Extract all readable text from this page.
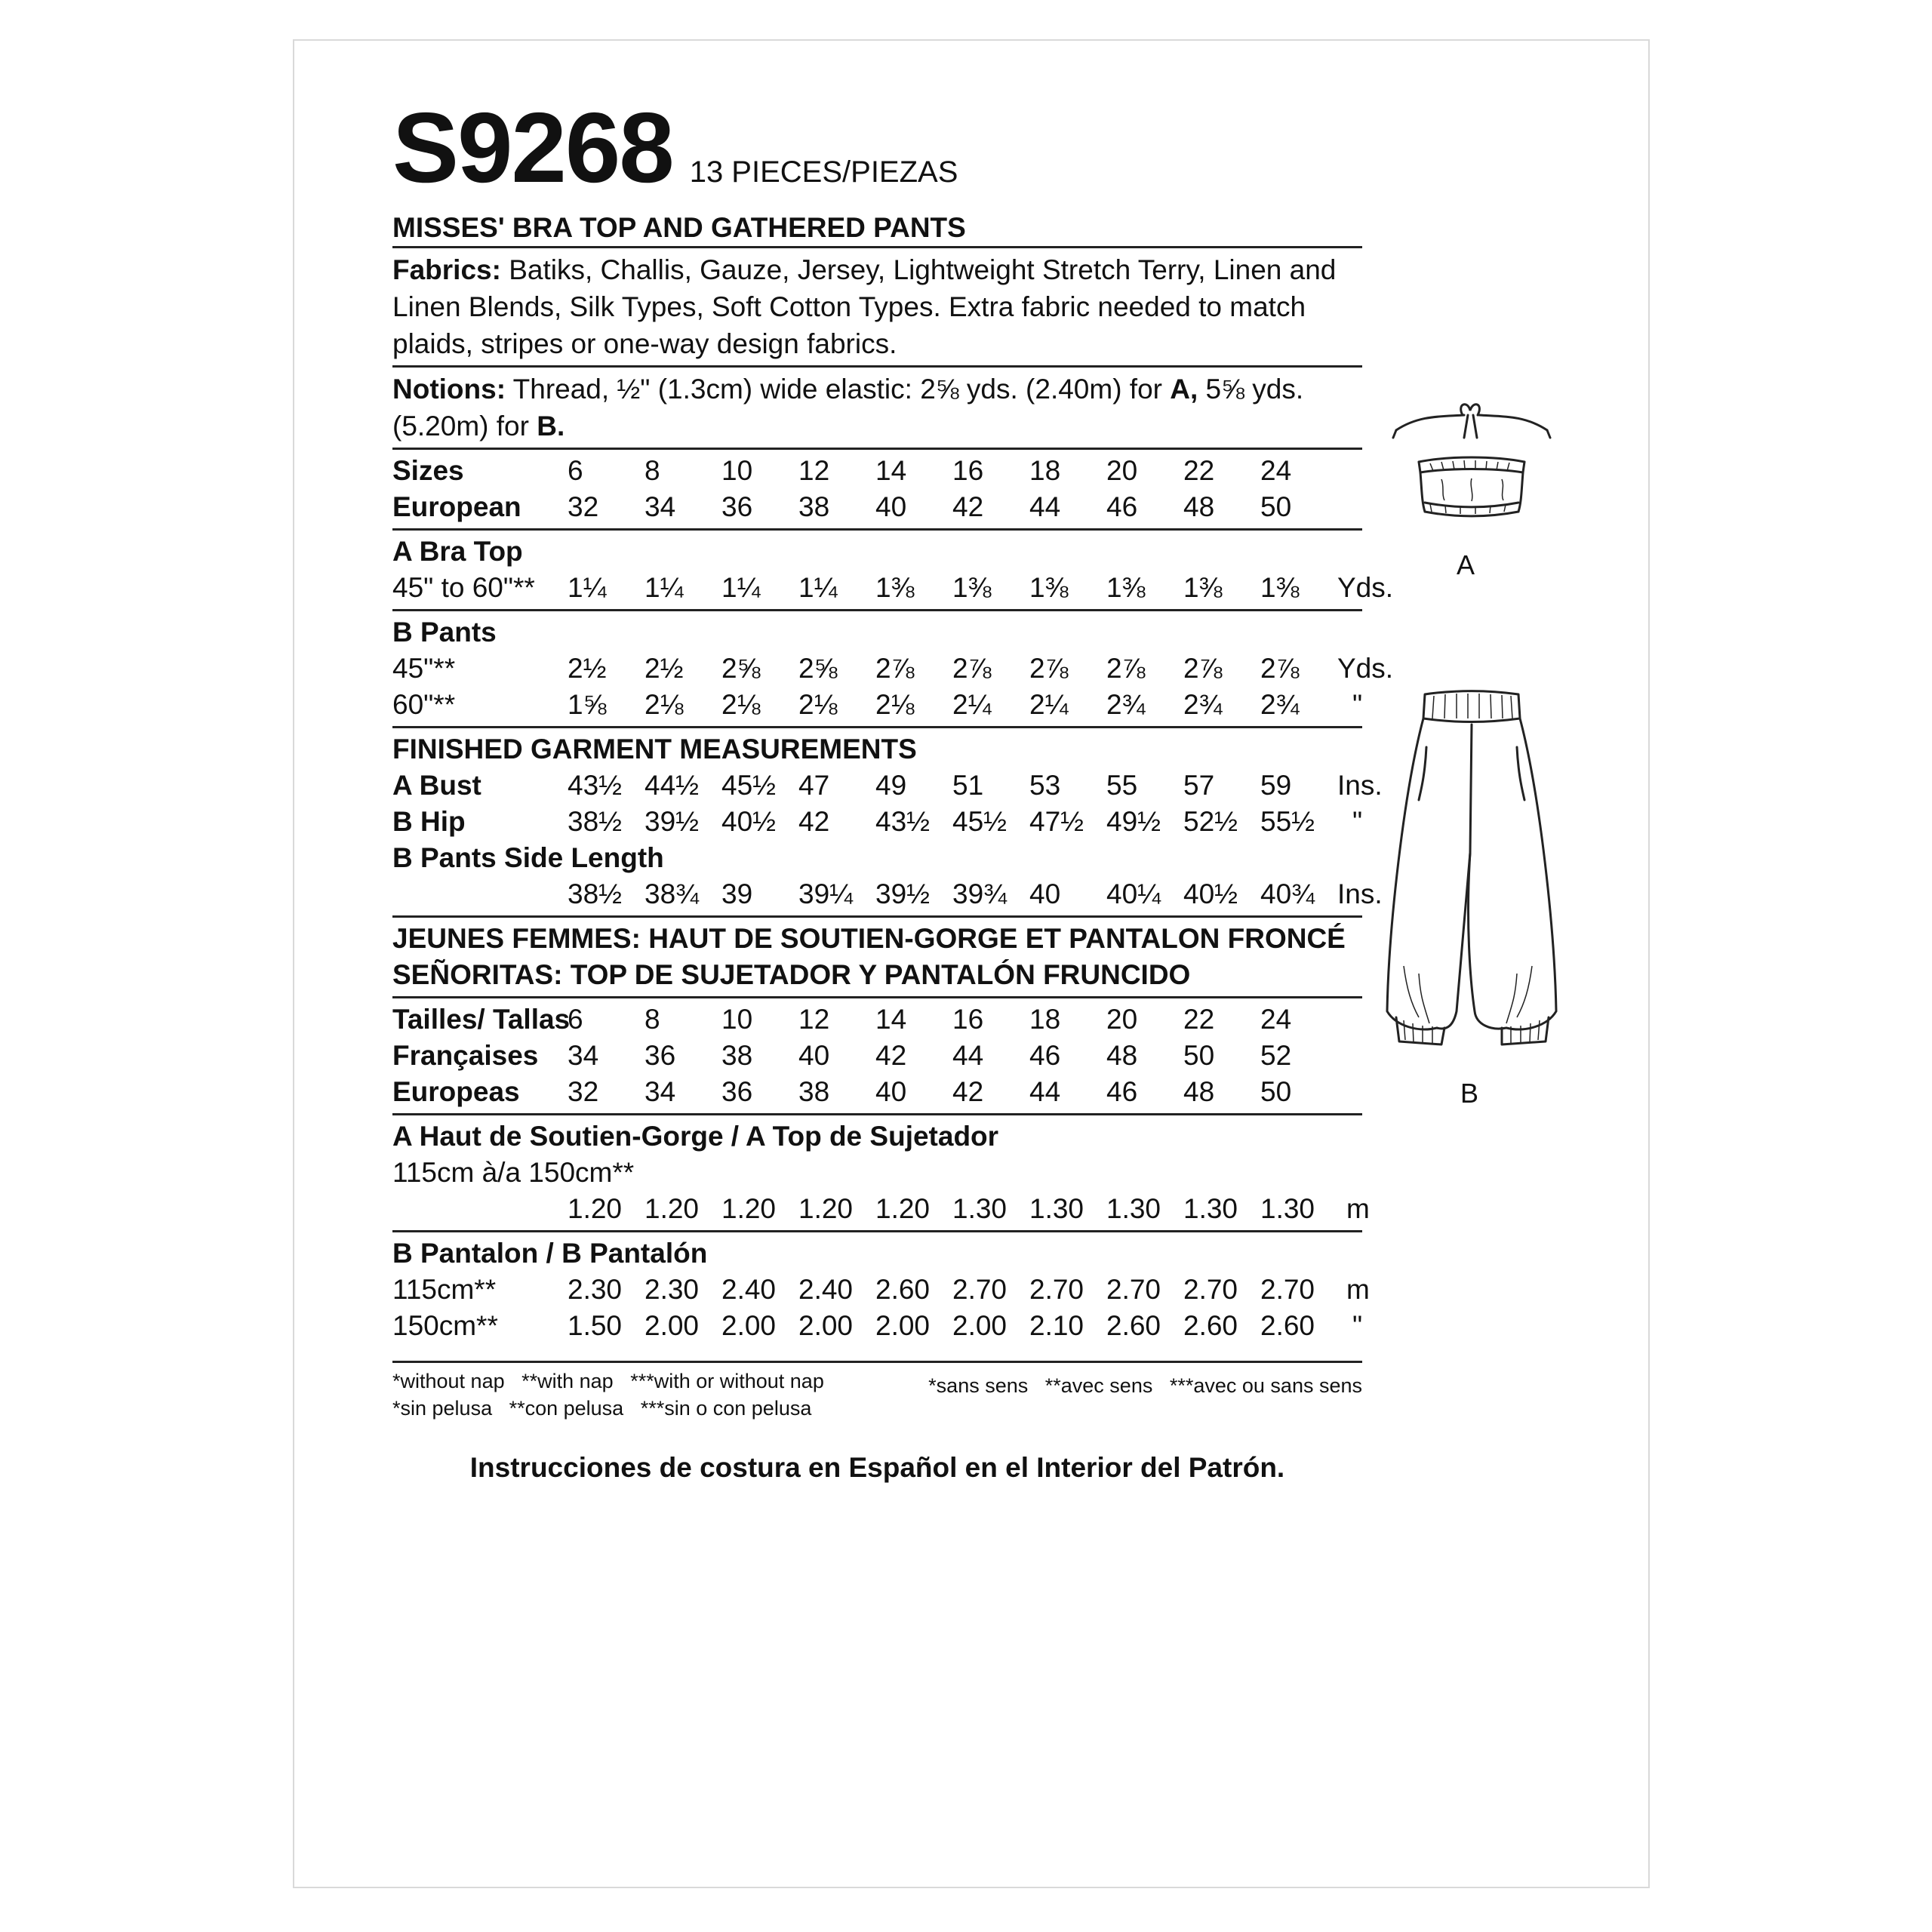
S9268 13 PIECES/PIEZAS
MISSES' BRA TOP AND GATHERED PANTS
Fabrics: Batiks, Challis, Gauze, Jersey, Lightweight Stretch Terry, Linen and Linen Blends, Silk Types, Soft Cotton Types. Extra fabric needed to match plaids, stripes or one-way design fabrics.
Notions: Thread, ½" (1.3cm) wide elastic: 2⅝ yds. (2.40m) for A, 5⅝ yds. (5.20m) for B.
Sizes	6	8	10	12	14	16	18	20	22	24
European	32	34	36	38	40	42	44	46	48	50
A Bra Top
45" to 60"**	1¼	1¼	1¼	1¼	1⅜	1⅜	1⅜	1⅜	1⅜	1⅜	Yds.
B Pants
45"**	2½	2½	2⅝	2⅝	2⅞	2⅞	2⅞	2⅞	2⅞	2⅞	Yds.
60"**	1⅝	2⅛	2⅛	2⅛	2⅛	2¼	2¼	2¾	2¾	2¾	"
FINISHED GARMENT MEASUREMENTS
A Bust	43½ 44½ 45½ 47	49	51	53	55	57	59	Ins.
B Hip	38½ 39½ 40½ 42	43½ 45½ 47½ 49½ 52½ 55½	"
B Pants Side Length
38½ 38¾ 39	39¼ 39½ 39¾ 40	40¼ 40½ 40¾ Ins.
JEUNES FEMMES: HAUT DE SOUTIEN-GORGE ET PANTALON FRONCÉ
SEÑORITAS: TOP DE SUJETADOR Y PANTALÓN FRUNCIDO
Tailles/ Tallas
6	8	10	12	14	16	18	20	22	24
Françaises	34	36	38	40	42	44	46	48	50	52
Europeas	32	34	36	38	40	42	44	46	48	50
A Haut de Soutien-Gorge / A Top de Sujetador
115cm à/a 150cm**
1.20 1.20 1.20 1.20 1.20 1.30 1.30 1.30 1.30 1.30	m
B Pantalon / B Pantalón
115cm**	2.30 2.30 2.40 2.40 2.60 2.70 2.70 2.70 2.70 2.70	m
150cm**	1.50 2.00 2.00 2.00 2.00 2.00 2.10 2.60 2.60 2.60	"
*without nap   **with nap   ***with or without nap
*sin pelusa   **con pelusa   ***sin o con pelusa
*sans sens   **avec sens   ***avec ou sans sens
Instrucciones de costura en Español en el Interior del Patrón.
A
B
